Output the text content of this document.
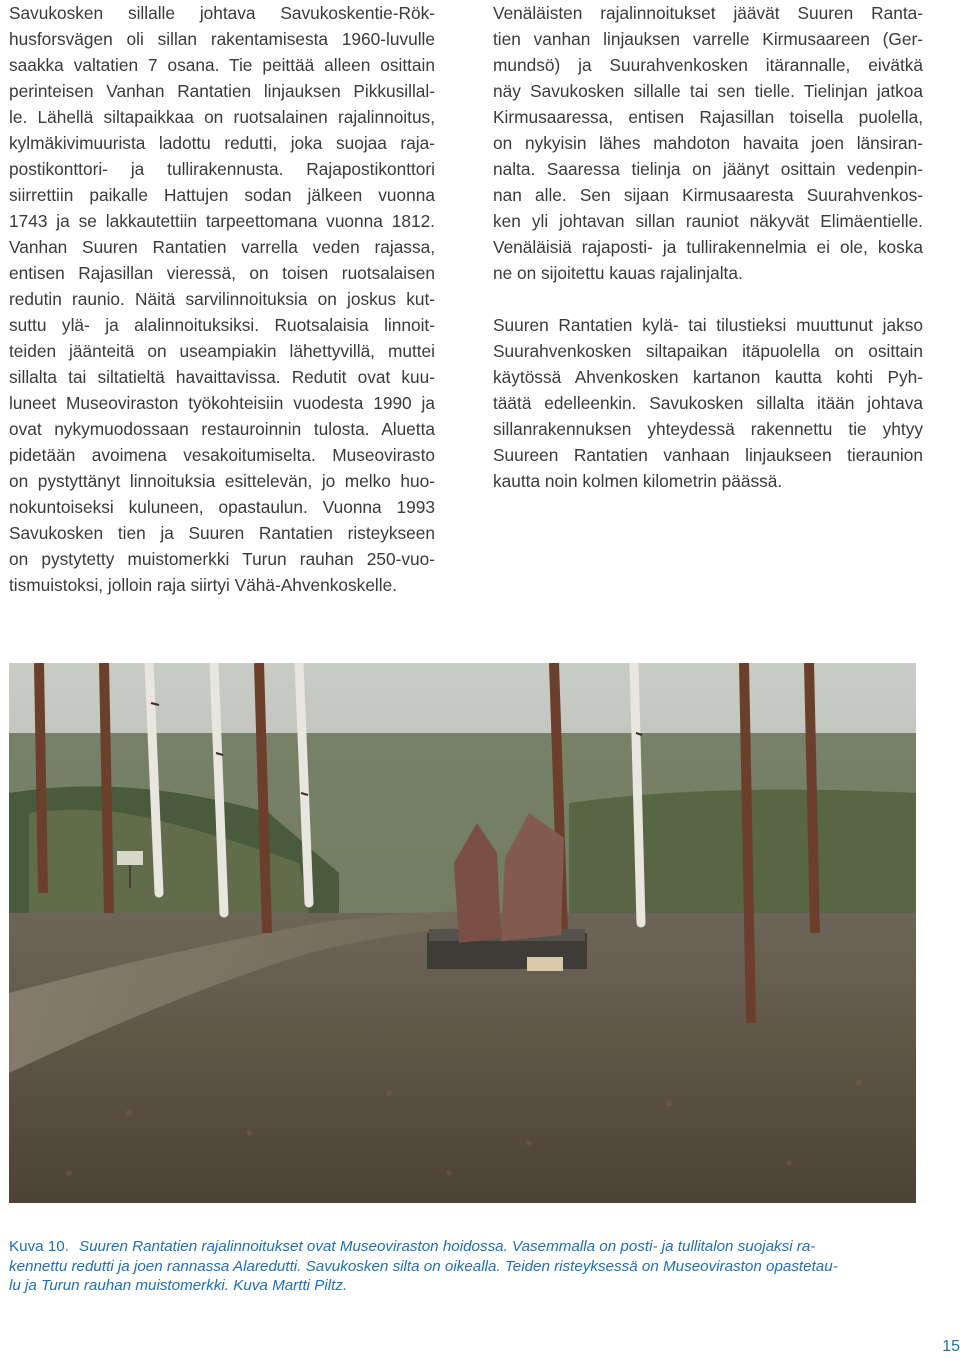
Savukosken sillalle johtava Savukoskentie-Rök-
husforsvägen oli sillan rakentamisesta 1960-luvulle
saakka valtatien 7 osana. Tie peittää alleen osittain
perinteisen Vanhan Rantatien linjauksen Pikkusillal-
le. Lähellä siltapaikkaa on ruotsalainen rajalinnoitus,
kylmäkivimuurista ladottu redutti, joka suojaa raja-
postikonttori- ja tullirakennusta. Rajapostikonttori
siirrettiin paikalle Hattujen sodan jälkeen vuonna
1743 ja se lakkautettiin tarpeettomana vuonna 1812.
Vanhan Suuren Rantatien varrella veden rajassa,
entisen Rajasillan vieressä, on toisen ruotsalaisen
redutin raunio. Näitä sarvilinnoituksia on joskus kut-
suttu ylä- ja alalinnoituksiksi. Ruotsalaisia linnoit-
teiden jäänteitä on useampiakin lähettyvillä, muttei
sillalta tai siltatieltä havaittavissa. Redutit ovat kuu-
luneet Museoviraston työkohteisiin vuodesta 1990 ja
ovat nykymuodossaan restauroinnin tulosta. Aluetta
pidetään avoimena vesakoitumiselta. Museovirasto
on pystyttänyt linnoituksia esittelevän, jo melko huo-
nokuntoiseksi kuluneen, opastaulun. Vuonna 1993
Savukosken tien ja Suuren Rantatien risteykseen
on pystytetty muistomerkki Turun rauhan 250-vuo-
tismuistoksi, jolloin raja siirtyi Vähä-Ahvenkoskelle.

Venäläisten rajalinnoitukset jäävät Suuren Ranta-
tien vanhan linjauksen varrelle Kirmusaareen (Ger-
mundsö) ja Suurahvenkosken itärannalle, eivätkä
näy Savukosken sillalle tai sen tielle. Tielinjan jatkoa
Kirmusaaressa, entisen Rajasillan toisella puolella,
on nykyisin lähes mahdoton havaita joen länsiran-
nalta. Saaressa tielinja on jäänyt osittain vedenpin-
nan alle. Sen sijaan Kirmusaaresta Suurahvenkos-
ken yli johtavan sillan rauniot näkyvät Elimäentielle.
Venäläisiä rajaposti- ja tullirakennelmia ei ole, koska
ne on sijoitettu kauas rajalinjalta.

Suuren Rantatien kylä- tai tilustieksi muuttunut jakso
Suurahvenkosken siltapaikan itäpuolella on osittain
käytössä Ahvenkosken kartanon kautta kohti Pyh-
täätä edelleenkin. Savukosken sillalta itään johtava
sillanrakennuksen yhteydessä rakennettu tie yhtyy
Suureen Rantatien vanhaan linjaukseen tieraunion
kautta noin kolmen kilometrin päässä.

Kuva 10. Suuren Rantatien rajalinnoitukset ovat Museoviraston hoidossa. Vasemmalla on posti- ja tullitalon suojaksi ra-
kennettu redutti ja joen rannassa Alaredutti. Savukosken silta on oikealla. Teiden risteyksessä on Museoviraston opastetau-
lu ja Turun rauhan muistomerkki. Kuva Martti Piltz.
15
